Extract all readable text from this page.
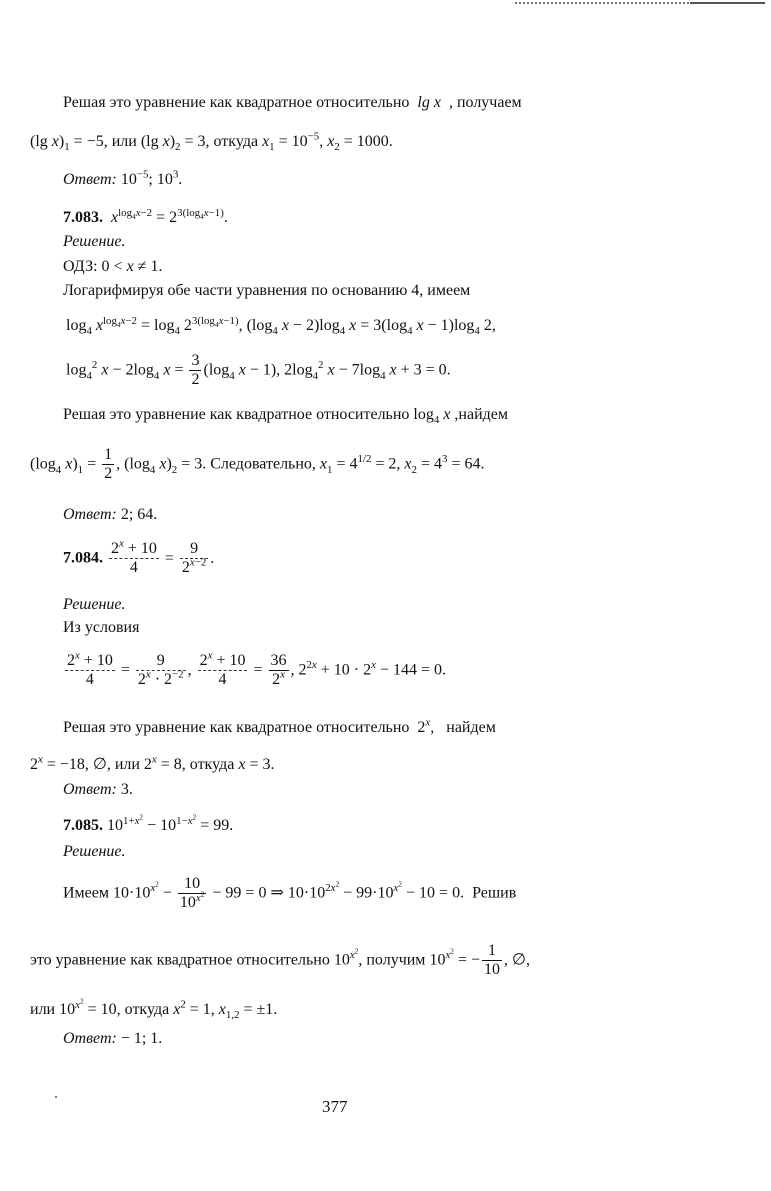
Решая это уравнение как квадратное относительно lg x , получаем
(lg $x)_1 = -5$, или (lg $x)_2 = 3$, откуда $x_1 = 10^{-5}$, $x_2 = 1000$.
Ответ: $10^{-5}$; $10^3$.
7.083. $x^{log_4x-2} = 2^{3(log_4x-1)}$.
Решение.
ОДЗ: 0 < x ≠ 1.
Логарифмируя обе части уравнения по основанию 4, имеем
$\log_4 x^{log_4x-2} = \log_4 2^{3(log_4x-1)}$, ($\log_4$ $x - 2)\log_4$ $x = 3(\log_4$ $x - 1)\log_4$ 2,
$\log_4^2 x - 2\log_4$ $x = \frac{3}{2} (\log_4$ x − 1), $2\log_4^2$ $x - 7\log_4$ x + 3 = 0.
Решая это уравнение как квадратное относительно $\log_4 x$ ,найдем
($\log_4$ $x)_1 = \frac{1}{2}$ , ($\log_4$ $x)_2 = 3$. Следовательно, $x_1 = 4^{1/2} = 2$, $x_2 = 4^3 = 64$.
Ответ: 2; 64.
7.084. $\frac{2^x + 10}{4} = \frac{9}{2^{x-2}}$ .
Решение.
Из условия
$\frac{2^x + 10}{4} = \frac{9}{2^x \cdot 2^{-2}}$ , $\frac{2^x + 10}{4} = \frac{36}{2^x}$ , $2^{2x} + 10 \cdot 2^x - 144 = 0$.
Решая это уравнение как квадратное относительно 2$^x$, найдем
$2^x = -18$, ∅, или $2^x = 8$, откуда x = 3.
Ответ: 3.
7.085. $10^{1+x^2} - 10^{1-x^2} = 99$.
Решение.
Имеем $10\cdot 10^{x^2} - \frac{10}{10^{x^2}} - 99 = 0$ ⇒ $10\cdot 10^{2x^2} - 99\cdot 10^{x^2} - 10 = 0$.  Решив
это уравнение как квадратное относительно $10^{x^2}$, получим $10^{x^2}$ = − $\frac{1}{10}$ , ∅,
или $10^{x^2} = 10$, откуда $x^2 = 1$, $x_{1,2} = \pm 1$.
Ответ: − 1; 1.
377
